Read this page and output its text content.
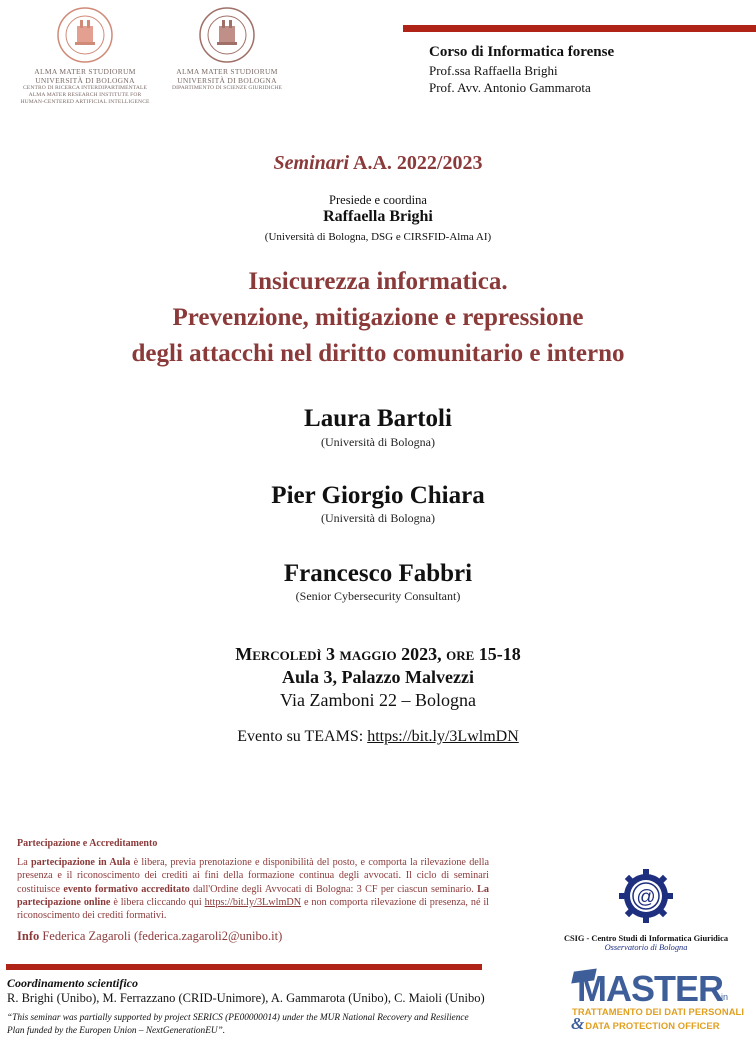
ALMA MATER STUDIORUM
UNIVERSITÀ DI BOLOGNA
CENTRO DI RICERCA INTERDIPARTIMENTALE
ALMA MATER RESEARCH INSTITUTE FOR
HUMAN-CENTERED ARTIFICIAL INTELLIGENCE
ALMA MATER STUDIORUM
UNIVERSITÀ DI BOLOGNA
DIPARTIMENTO DI SCIENZE GIURIDICHE
Corso di Informatica forense
Prof.ssa Raffaella Brighi
Prof. Avv. Antonio Gammarota
Seminari A.A. 2022/2023
Presiede e coordina
Raffaella Brighi
(Università di Bologna, DSG e CIRSFID-Alma AI)
Insicurezza informatica.
Prevenzione, mitigazione e repressione
degli attacchi nel diritto comunitario e interno
Laura Bartoli
(Università di Bologna)
Pier Giorgio Chiara
(Università di Bologna)
Francesco Fabbri
(Senior Cybersecurity Consultant)
Mercoledì 3 maggio 2023, ore 15-18
Aula 3, Palazzo Malvezzi
Via Zamboni 22 – Bologna
Evento su TEAMS: https://bit.ly/3LwlmDN
Partecipazione e Accreditamento
La partecipazione in Aula è libera, previa prenotazione e disponibilità del posto, e comporta la rilevazione della presenza e il riconoscimento dei crediti ai fini della formazione continua degli avvocati. Il ciclo di seminari costituisce evento formativo accreditato dall'Ordine degli Avvocati di Bologna: 3 CF per ciascun seminario. La partecipazione online è libera cliccando qui https://bit.ly/3LwlmDN e non comporta rilevazione di presenza, né il riconoscimento dei crediti formativi.
Info Federica Zagaroli (federica.zagaroli2@unibo.it)
@
CSIG - Centro Studi di Informatica Giuridica
Osservatorio di Bologna
Coordinamento scientifico
R. Brighi (Unibo), M. Ferrazzano (CRID-Unimore), A. Gammarota (Unibo), C. Maioli (Unibo)
“This seminar was partially supported by project SERICS (PE00000014) under the MUR National Recovery and Resilience
Plan funded by the Europen Union – NextGenerationEU”.
MASTER
in
TRATTAMENTO DEI DATI PERSONALI
&DATA PROTECTION OFFICER
